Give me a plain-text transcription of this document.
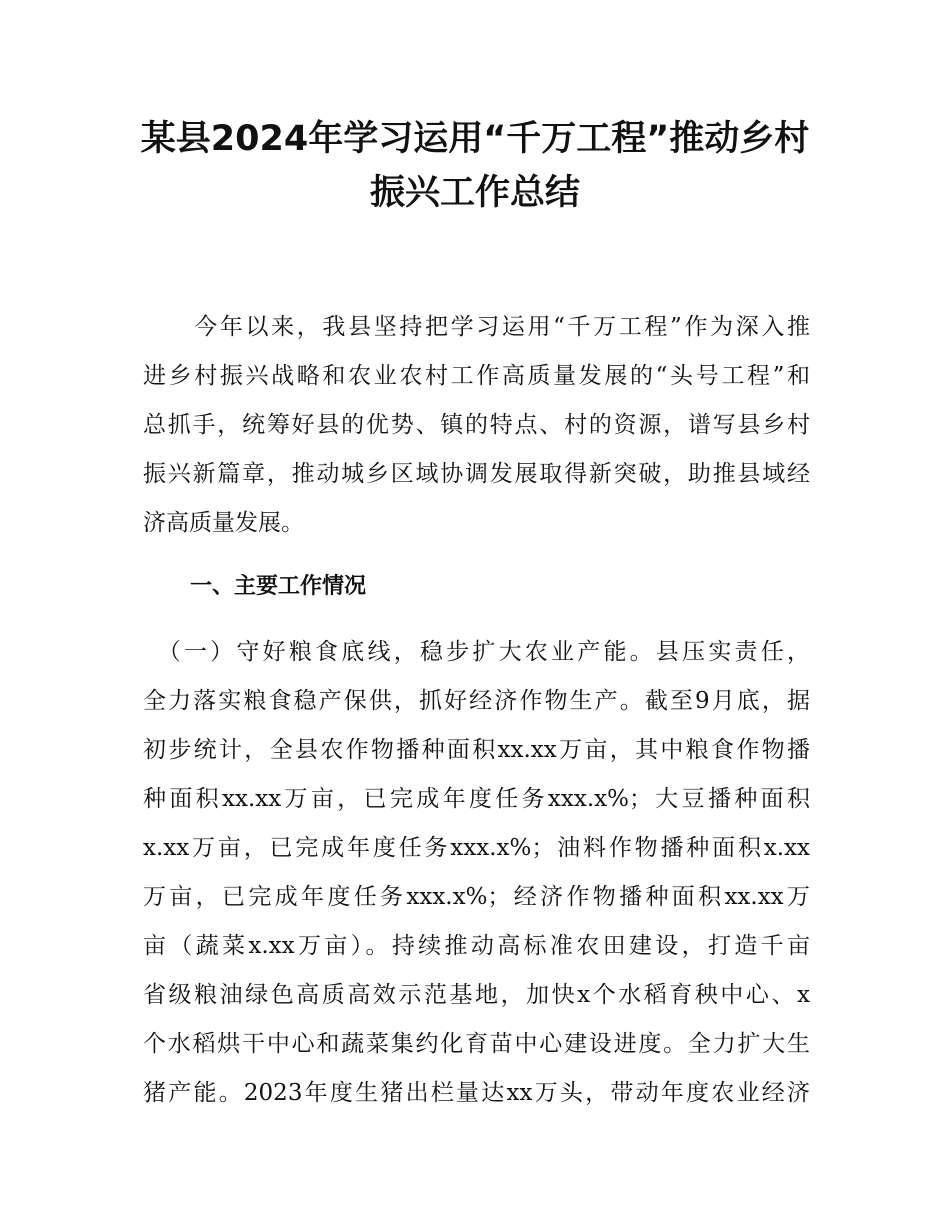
某县2024年学习运用“千万工程”推动乡村
振兴工作总结
　　今年以来，我县坚持把学习运用“千万工程”作为深入推
进乡村振兴战略和农业农村工作高质量发展的“头号工程”和
总抓手，统筹好县的优势、镇的特点、村的资源，谱写县乡村
振兴新篇章，推动城乡区域协调发展取得新突破，助推县域经
济高质量发展。
一、主要工作情况
　（一）守好粮食底线，稳步扩大农业产能。县压实责任，
全力落实粮食稳产保供，抓好经济作物生产。截至9月底，据
初步统计，全县农作物播种面积xx.xx万亩，其中粮食作物播
种面积xx.xx万亩，已完成年度任务xxx.x%；大豆播种面积
x.xx万亩，已完成年度任务xxx.x%；油料作物播种面积x.xx
万亩，已完成年度任务xxx.x%；经济作物播种面积xx.xx万
亩（蔬菜x.xx万亩）。持续推动高标准农田建设，打造千亩
省级粮油绿色高质高效示范基地，加快x个水稻育秧中心、x
个水稻烘干中心和蔬菜集约化育苗中心建设进度。全力扩大生
猪产能。2023年度生猪出栏量达xx万头，带动年度农业经济
